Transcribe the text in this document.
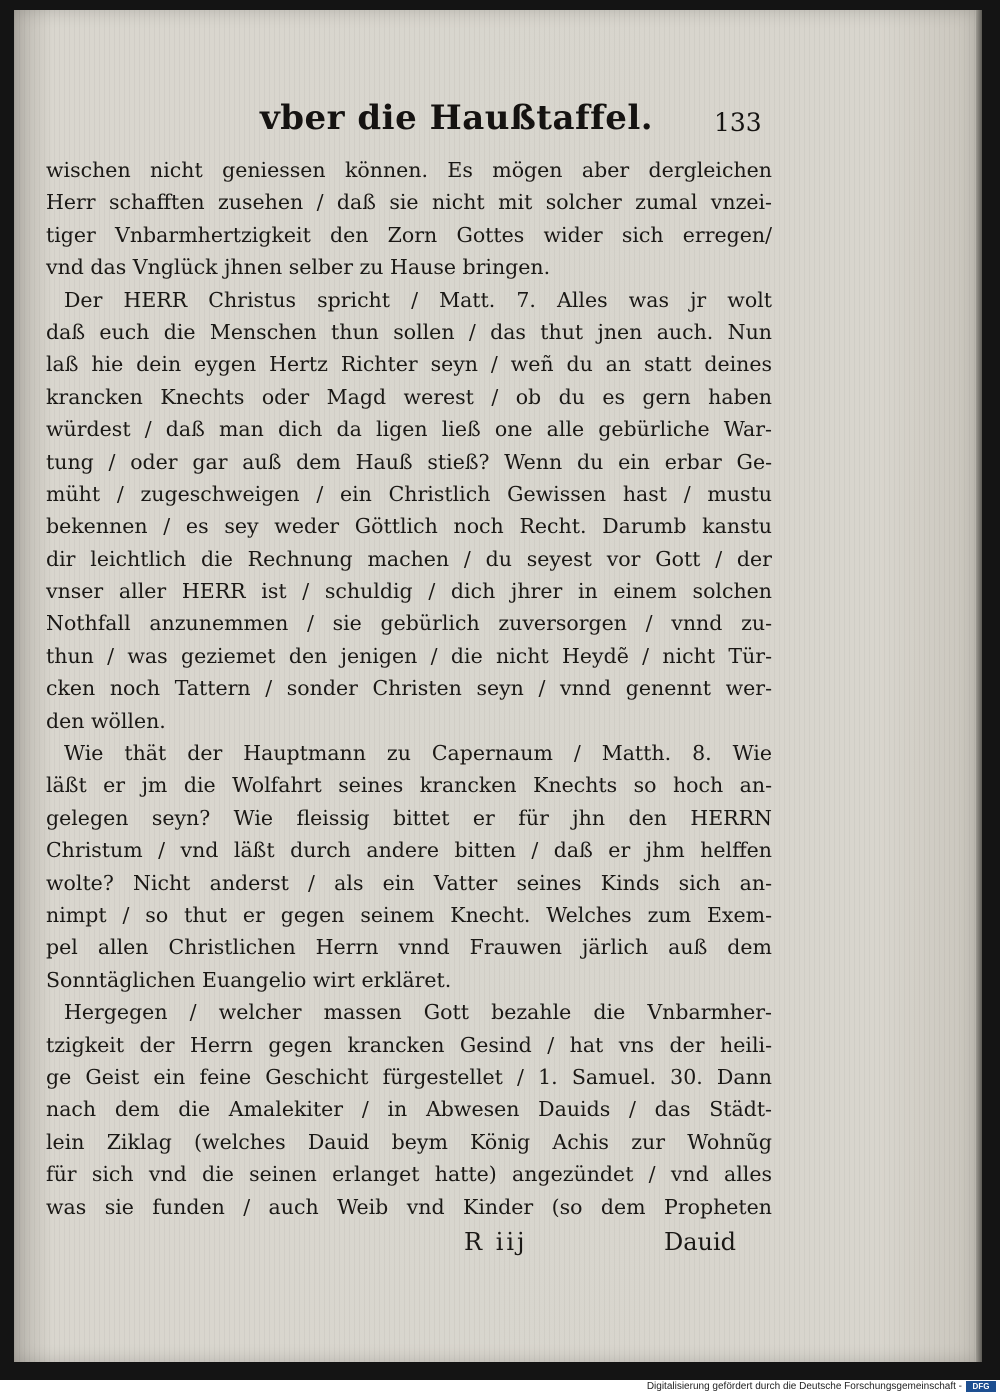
vber die Haußtaffel. 133
wischen nicht geniessen können. Es mögen aber dergleichen
Herr schafften zusehen / daß sie nicht mit solcher zumal vnzei-
tiger Vnbarmhertzigkeit den Zorn Gottes wider sich erregen/
vnd das Vnglück jhnen selber zu Hause bringen.
Der HERR Christus spricht / Matt. 7. Alles was jr wolt
daß euch die Menschen thun sollen / das thut jnen auch. Nun
laß hie dein eygen Hertz Richter seyn / weñ du an statt deines
krancken Knechts oder Magd werest / ob du es gern haben
würdest / daß man dich da ligen ließ one alle gebürliche War-
tung / oder gar auß dem Hauß stieß? Wenn du ein erbar Ge-
müht / zugeschweigen / ein Christlich Gewissen hast / mustu
bekennen / es sey weder Göttlich noch Recht. Darumb kanstu
dir leichtlich die Rechnung machen / du seyest vor Gott / der
vnser aller HERR ist / schuldig / dich jhrer in einem solchen
Nothfall anzunemmen / sie gebürlich zuversorgen / vnnd zu-
thun / was geziemet den jenigen / die nicht Heydẽ / nicht Tür-
cken noch Tattern / sonder Christen seyn / vnnd genennt wer-
den wöllen.
Wie thät der Hauptmann zu Capernaum / Matth. 8. Wie
läßt er jm die Wolfahrt seines krancken Knechts so hoch an-
gelegen seyn? Wie fleissig bittet er für jhn den HERRN
Christum / vnd läßt durch andere bitten / daß er jhm helffen
wolte? Nicht anderst / als ein Vatter seines Kinds sich an-
nimpt / so thut er gegen seinem Knecht. Welches zum Exem-
pel allen Christlichen Herrn vnnd Frauwen järlich auß dem
Sonntäglichen Euangelio wirt erkläret.
Hergegen / welcher massen Gott bezahle die Vnbarmher-
tzigkeit der Herrn gegen krancken Gesind / hat vns der heili-
ge Geist ein feine Geschicht fürgestellet / 1. Samuel. 30. Dann
nach dem die Amalekiter / in Abwesen Dauids / das Städt-
lein Ziklag (welches Dauid beym König Achis zur Wohnũg
für sich vnd die seinen erlanget hatte) angezündet / vnd alles
was sie funden / auch Weib vnd Kinder (so dem Propheten
R iij	Dauid
Digitalisierung gefördert durch die Deutsche Forschungsgemeinschaft -	DFG
